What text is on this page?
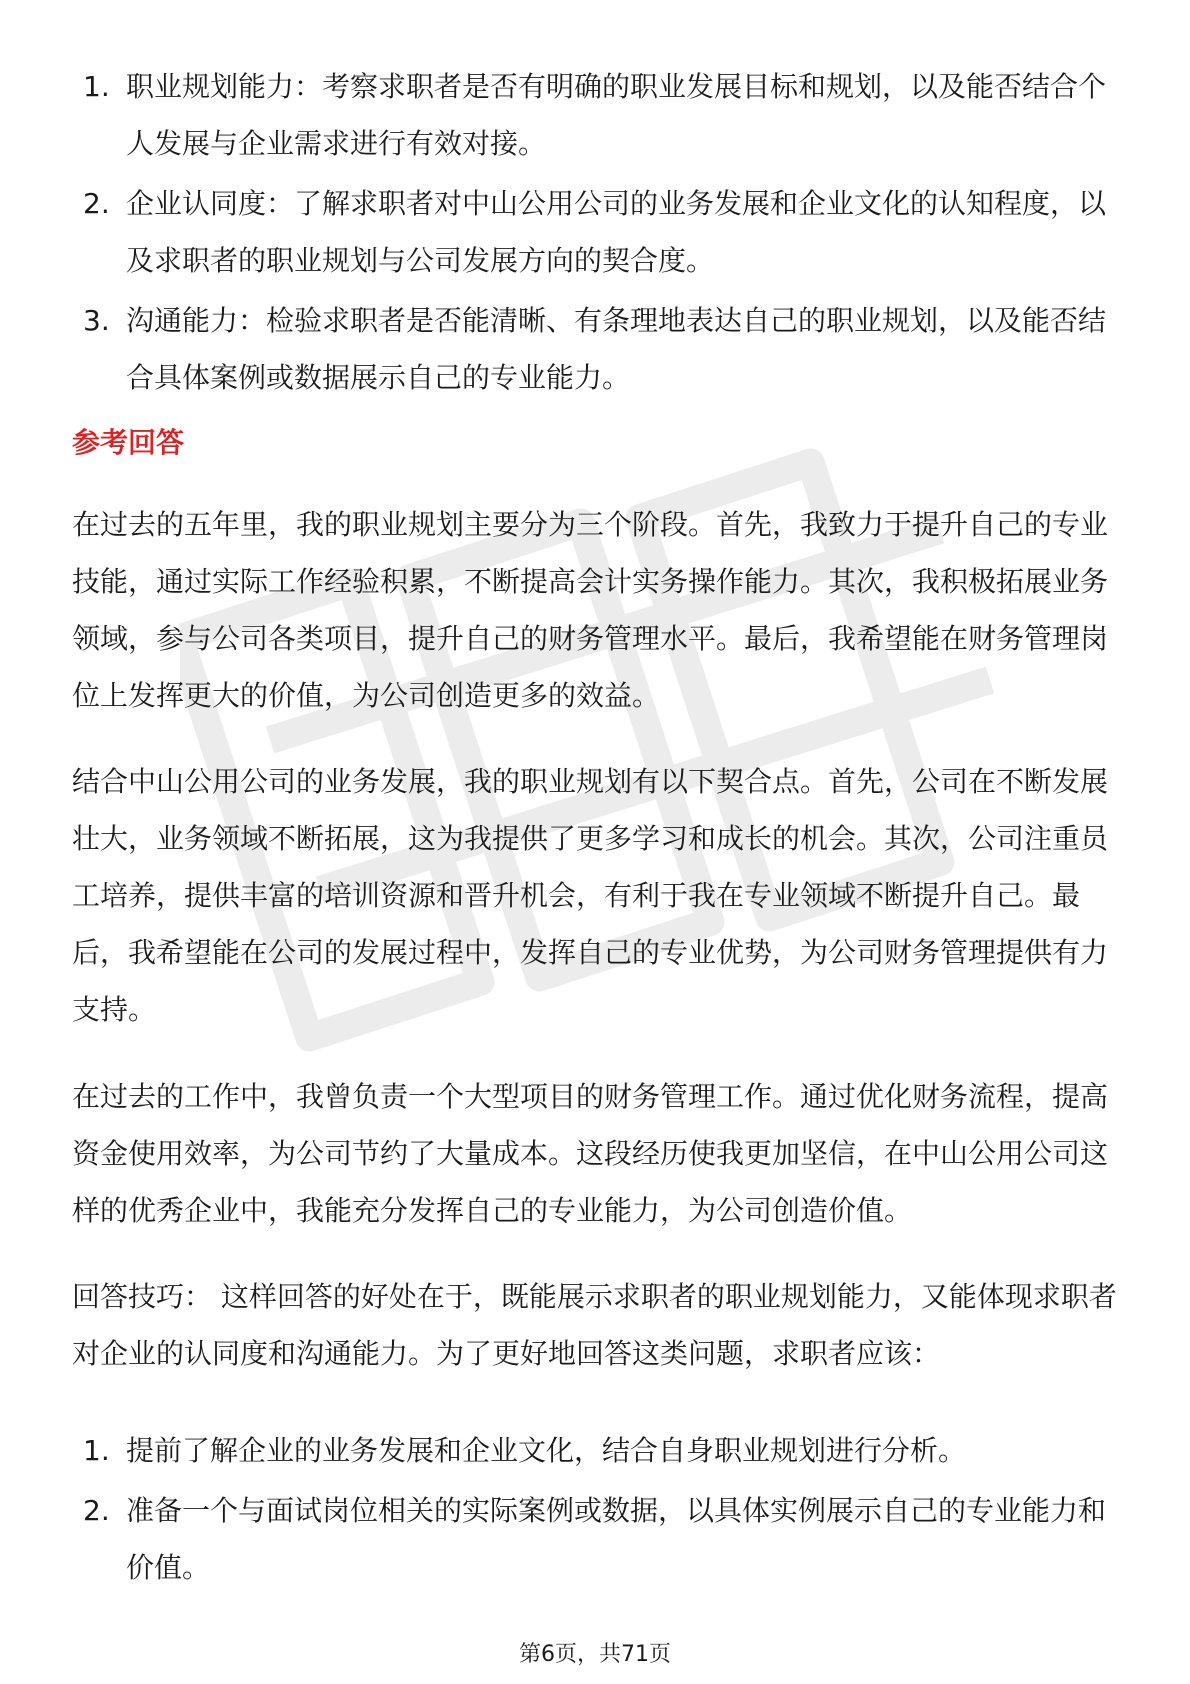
1. 职业规划能力：考察求职者是否有明确的职业发展目标和规划，以及能否结合个人发展与企业需求进行有效对接。
2. 企业认同度：了解求职者对中山公用公司的业务发展和企业文化的认知程度，以及求职者的职业规划与公司发展方向的契合度。
3. 沟通能力：检验求职者是否能清晰、有条理地表达自己的职业规划，以及能否结合具体案例或数据展示自己的专业能力。
参考回答

在过去的五年里，我的职业规划主要分为三个阶段。首先，我致力于提升自己的专业技能，通过实际工作经验积累，不断提高会计实务操作能力。其次，我积极拓展业务领域，参与公司各类项目，提升自己的财务管理水平。最后，我希望能在财务管理岗位上发挥更大的价值，为公司创造更多的效益。

结合中山公用公司的业务发展，我的职业规划有以下契合点。首先，公司在不断发展壮大，业务领域不断拓展，这为我提供了更多学习和成长的机会。其次，公司注重员工培养，提供丰富的培训资源和晋升机会，有利于我在专业领域不断提升自己。最后，我希望能在公司的发展过程中，发挥自己的专业优势，为公司财务管理提供有力支持。

在过去的工作中，我曾负责一个大型项目的财务管理工作。通过优化财务流程，提高资金使用效率，为公司节约了大量成本。这段经历使我更加坚信，在中山公用公司这样的优秀企业中，我能充分发挥自己的专业能力，为公司创造价值。

回答技巧： 这样回答的好处在于，既能展示求职者的职业规划能力，又能体现求职者对企业的认同度和沟通能力。为了更好地回答这类问题，求职者应该：

1. 提前了解企业的业务发展和企业文化，结合自身职业规划进行分析。
2. 准备一个与面试岗位相关的实际案例或数据，以具体实例展示自己的专业能力和价值。
第6页，共71页
